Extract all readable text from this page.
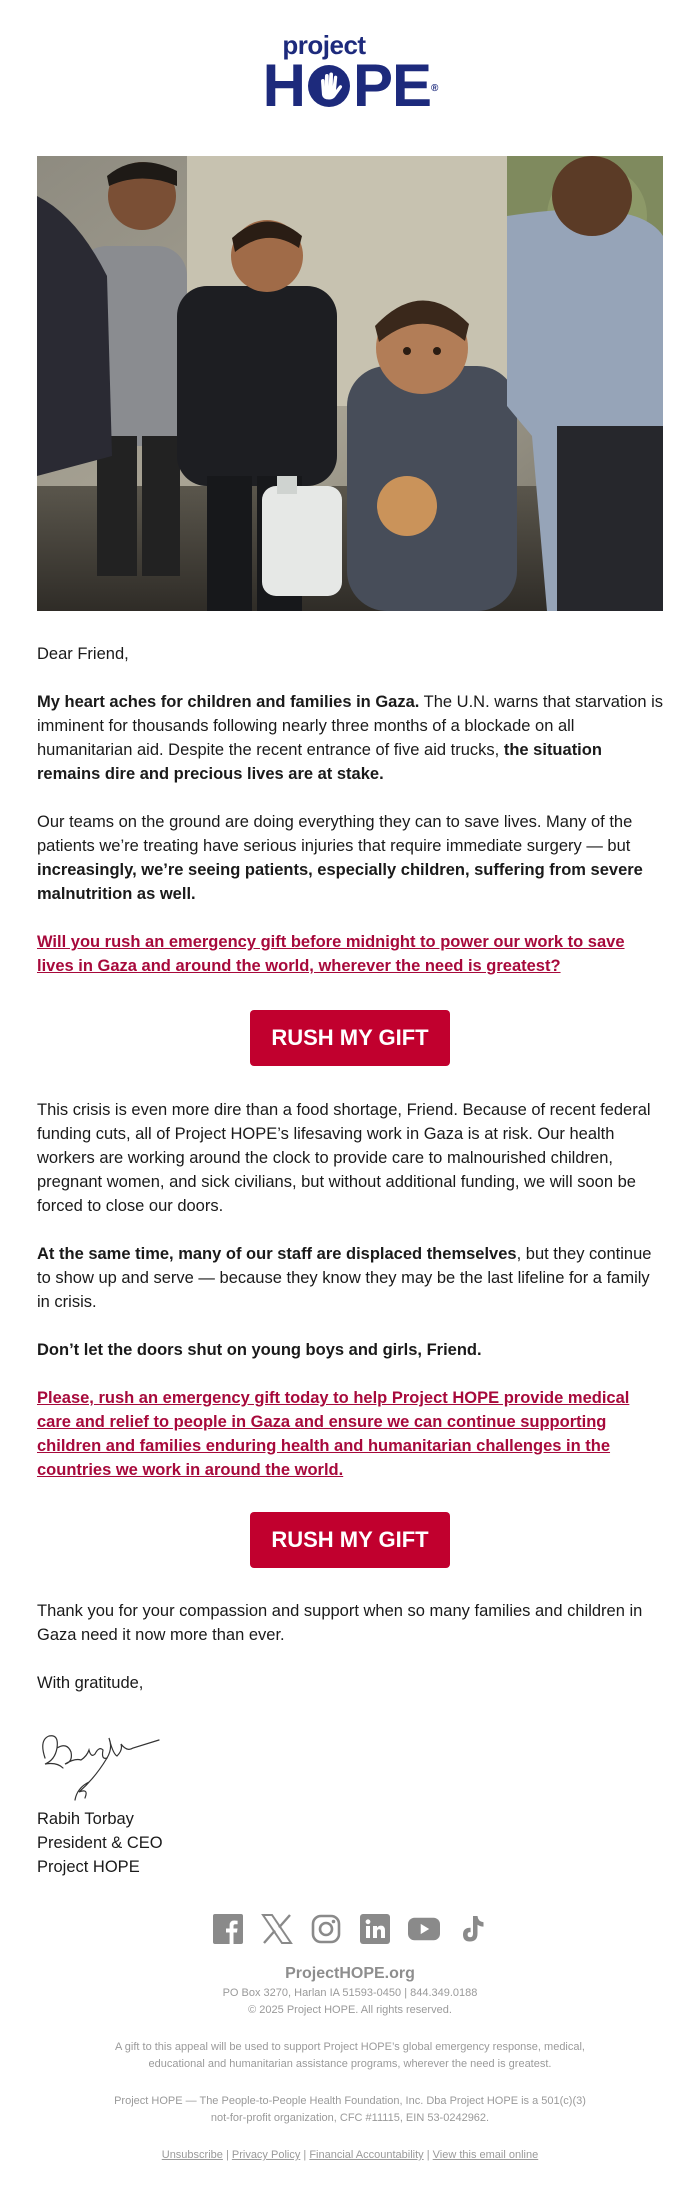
project
H PE ®

Dear Friend,

My heart aches for children and families in Gaza. The U.N. warns that starvation is imminent for thousands following nearly three months of a blockade on all humanitarian aid. Despite the recent entrance of five aid trucks, the situation remains dire and precious lives are at stake.

Our teams on the ground are doing everything they can to save lives. Many of the patients we’re treating have serious injuries that require immediate surgery — but increasingly, we’re seeing patients, especially children, suffering from severe malnutrition as well.

Will you rush an emergency gift before midnight to power our work to save lives in Gaza and around the world, wherever the need is greatest?

RUSH MY GIFT

This crisis is even more dire than a food shortage, Friend. Because of recent federal funding cuts, all of Project HOPE’s lifesaving work in Gaza is at risk. Our health workers are working around the clock to provide care to malnourished children, pregnant women, and sick civilians, but without additional funding, we will soon be forced to close our doors.

At the same time, many of our staff are displaced themselves, but they continue to show up and serve — because they know they may be the last lifeline for a family in crisis.

Don’t let the doors shut on young boys and girls, Friend.

Please, rush an emergency gift today to help Project HOPE provide medical care and relief to people in Gaza and ensure we can continue supporting children and families enduring health and humanitarian challenges in the countries we work in around the world.

RUSH MY GIFT

Thank you for your compassion and support when so many families and children in Gaza need it now more than ever.

With gratitude,

Rabih Torbay
President & CEO
Project HOPE
ProjectHOPE.org
PO Box 3270, Harlan IA 51593-0450 | 844.349.0188
© 2025 Project HOPE. All rights reserved.
A gift to this appeal will be used to support Project HOPE’s global emergency response, medical,
educational and humanitarian assistance programs, wherever the need is greatest.
Project HOPE — The People-to-People Health Foundation, Inc. Dba Project HOPE is a 501(c)(3)
not-for-profit organization, CFC #11115, EIN 53-0242962.
Unsubscribe | Privacy Policy | Financial Accountability | View this email online
